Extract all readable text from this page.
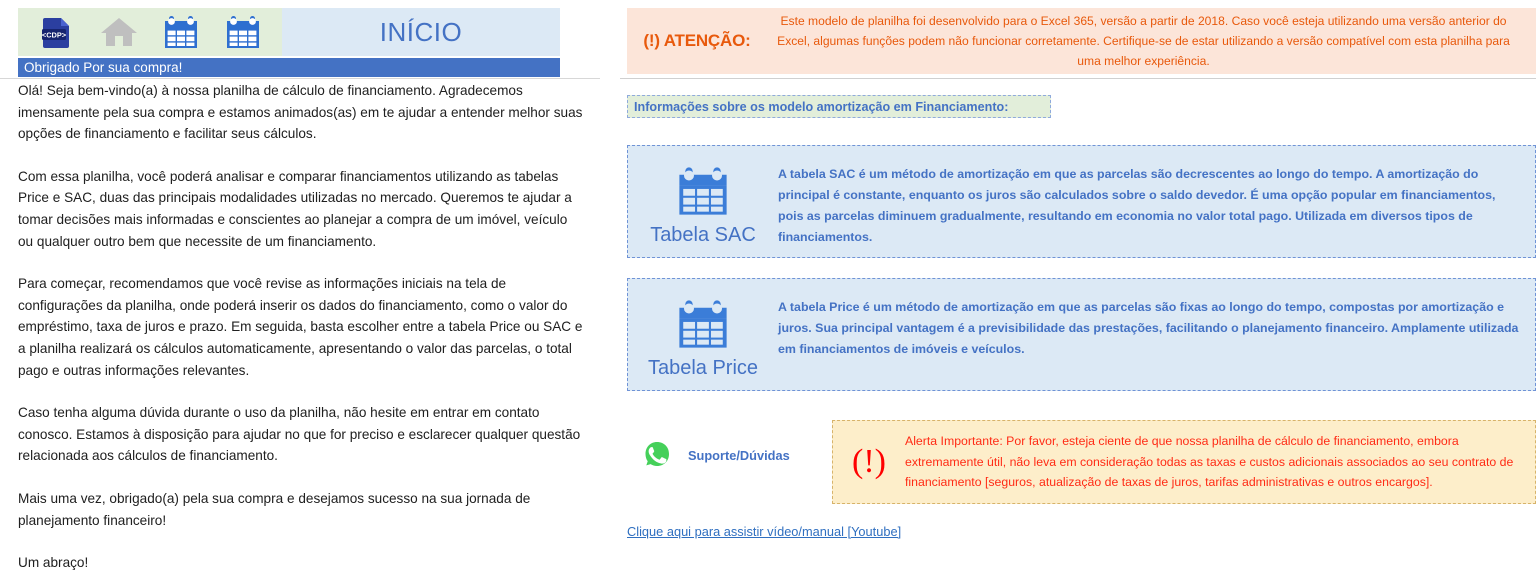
<CDP>	INÍCIO
Obrigado Por sua compra!

Olá! Seja bem-vindo(a) à nossa planilha de cálculo de financiamento. Agradecemos imensamente pela sua compra e estamos animados(as) em te ajudar a entender melhor suas opções de financiamento e facilitar seus cálculos.

Com essa planilha, você poderá analisar e comparar financiamentos utilizando as tabelas Price e SAC, duas das principais modalidades utilizadas no mercado. Queremos te ajudar a tomar decisões mais informadas e conscientes ao planejar a compra de um imóvel, veículo ou qualquer outro bem que necessite de um financiamento.

Para começar, recomendamos que você revise as informações iniciais na tela de configurações da planilha, onde poderá inserir os dados do financiamento, como o valor do empréstimo, taxa de juros e prazo. Em seguida, basta escolher entre a tabela Price ou SAC e a planilha realizará os cálculos automaticamente, apresentando o valor das parcelas, o total pago e outras informações relevantes.

Caso tenha alguma dúvida durante o uso da planilha, não hesite em entrar em contato conosco. Estamos à disposição para ajudar no que for preciso e esclarecer qualquer questão relacionada aos cálculos de financiamento.

Mais uma vez, obrigado(a) pela sua compra e desejamos sucesso na sua jornada de planejamento financeiro!

Um abraço!

(!) ATENÇÃO:
Este modelo de planilha foi desenvolvido para o Excel 365, versão a partir de 2018. Caso você esteja utilizando uma versão anterior do Excel, algumas funções podem não funcionar corretamente. Certifique-se de estar utilizando a versão compatível com esta planilha para uma melhor experiência.
Informações sobre os modelo amortização em Financiamento:
Tabela SAC
A tabela SAC é um método de amortização em que as parcelas são decrescentes ao longo do tempo. A amortização do principal é constante, enquanto os juros são calculados sobre o saldo devedor. É uma opção popular em financiamentos, pois as parcelas diminuem gradualmente, resultando em economia no valor total pago. Utilizada em diversos tipos de financiamentos.
Tabela Price
A tabela Price é um método de amortização em que as parcelas são fixas ao longo do tempo, compostas por amortização e juros. Sua principal vantagem é a previsibilidade das prestações, facilitando o planejamento financeiro. Amplamente utilizada em financiamentos de imóveis e veículos.
Suporte/Dúvidas	(!)
Alerta Importante: Por favor, esteja ciente de que nossa planilha de cálculo de financiamento, embora extremamente útil, não leva em consideração todas as taxas e custos adicionais associados ao seu contrato de financiamento [seguros, atualização de taxas de juros, tarifas administrativas e outros encargos].
Clique aqui para assistir vídeo/manual [Youtube]
